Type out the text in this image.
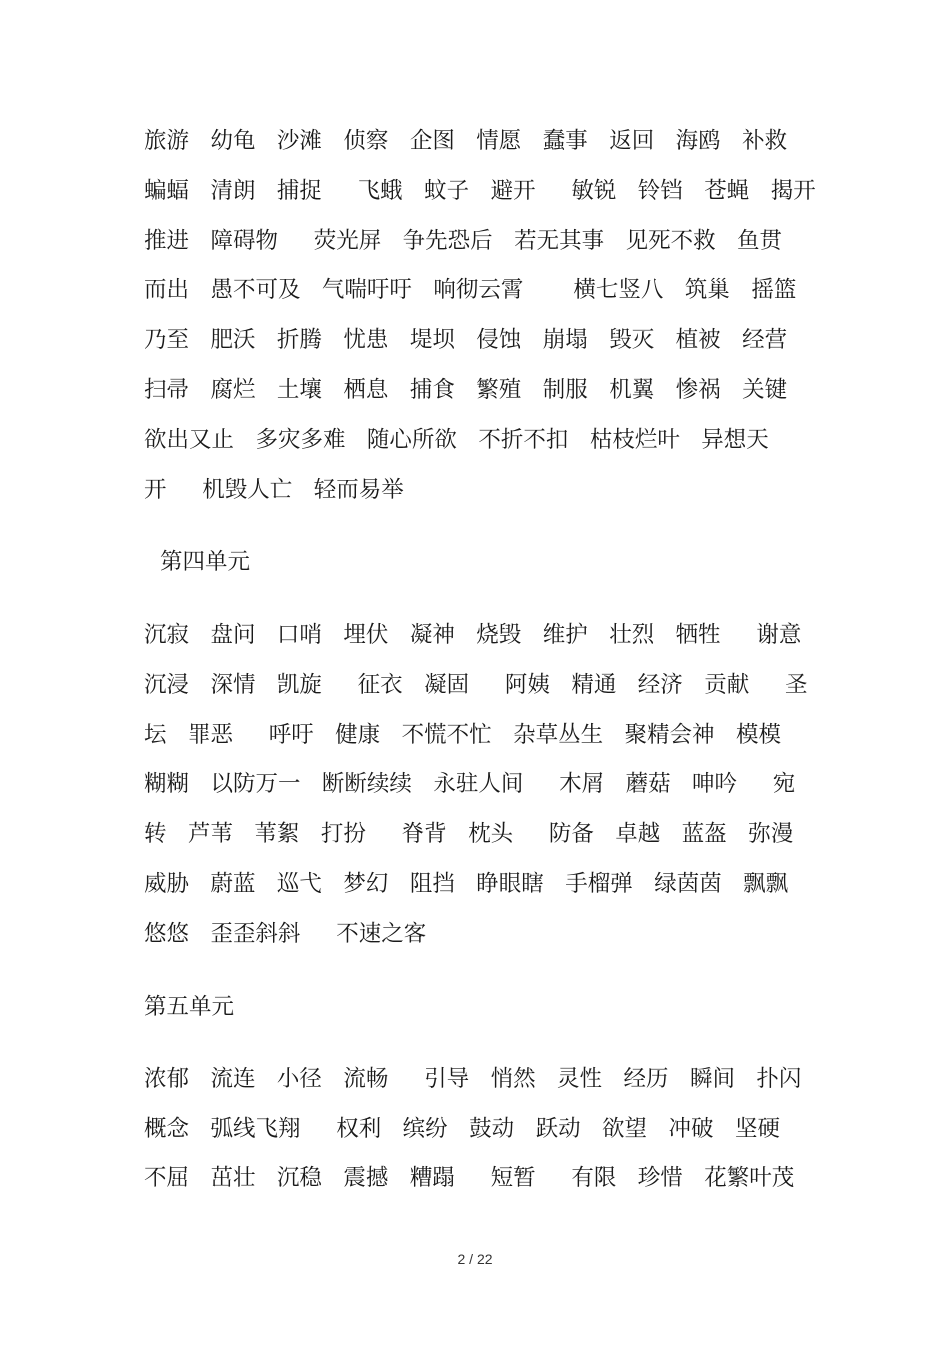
旅游   幼龟   沙滩   侦察   企图   情愿   蠢事   返回   海鸥   补救

蝙蝠   清朗   捕捉     飞蛾   蚊子   避开     敏锐   铃铛   苍蝇   揭开

推进   障碍物     荧光屏   争先恐后   若无其事   见死不救   鱼贯

而出   愚不可及   气喘吁吁   响彻云霄       横七竖八   筑巢   摇篮

乃至   肥沃   折腾   忧患   堤坝   侵蚀   崩塌   毁灭   植被   经营

扫帚   腐烂   土壤   栖息   捕食   繁殖   制服   机翼   惨祸   关键

欲出又止   多灾多难   随心所欲   不折不扣   枯枝烂叶   异想天

开     机毁人亡   轻而易举

第四单元

沉寂   盘问   口哨   埋伏   凝神   烧毁   维护   壮烈   牺牲     谢意

沉浸   深情   凯旋     征衣   凝固     阿姨   精通   经济   贡献     圣

坛   罪恶     呼吁   健康   不慌不忙   杂草丛生   聚精会神   模模

糊糊   以防万一   断断续续   永驻人间     木屑   蘑菇   呻吟     宛

转   芦苇   苇絮   打扮     脊背   枕头     防备   卓越   蓝盔   弥漫

威胁   蔚蓝   巡弋   梦幻   阻挡   睁眼瞎   手榴弹   绿茵茵   飘飘

悠悠   歪歪斜斜     不速之客

第五单元

浓郁   流连   小径   流畅     引导   悄然   灵性   经历   瞬间   扑闪

概念   弧线飞翔     权利   缤纷   鼓动   跃动   欲望   冲破   坚硬

不屈   茁壮   沉稳   震撼   糟蹋     短暂     有限   珍惜   花繁叶茂

2 / 22
